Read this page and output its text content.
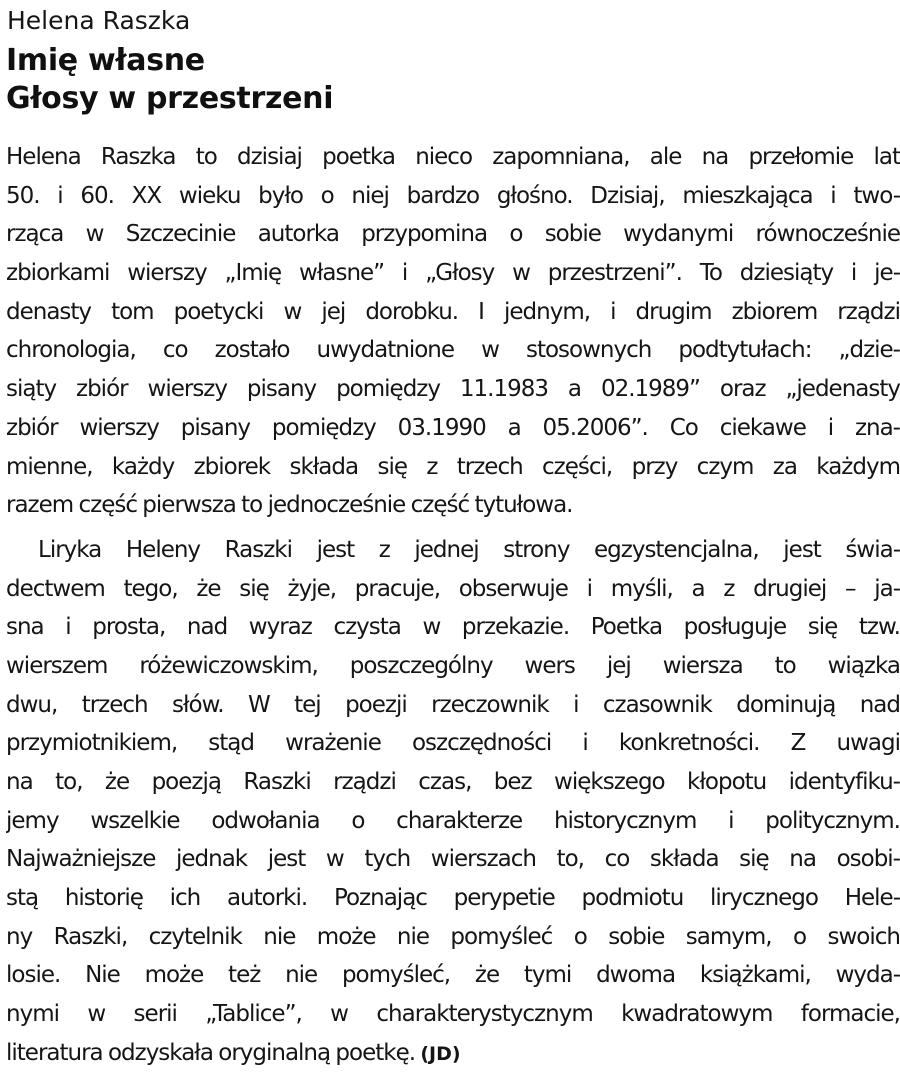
Helena Raszka
Imię własne
Głosy w przestrzeni
Helena Raszka to dzisiaj poetka nieco zapomniana, ale na przełomie lat
50. i 60. XX wieku było o niej bardzo głośno. Dzisiaj, mieszkająca i two-
rząca w Szczecinie autorka przypomina o sobie wydanymi równocześnie
zbiorkami wierszy „Imię własne” i „Głosy w przestrzeni”. To dziesiąty i je-
denasty tom poetycki w jej dorobku. I jednym, i drugim zbiorem rządzi
chronologia, co zostało uwydatnione w stosownych podtytułach: „dzie-
siąty zbiór wierszy pisany pomiędzy 11.1983 a 02.1989” oraz „jedenasty
zbiór wierszy pisany pomiędzy 03.1990 a 05.2006”. Co ciekawe i zna-
mienne, każdy zbiorek składa się z trzech części, przy czym za każdym
razem część pierwsza to jednocześnie część tytułowa.
Liryka Heleny Raszki jest z jednej strony egzystencjalna, jest świa-
dectwem tego, że się żyje, pracuje, obserwuje i myśli, a z drugiej – ja-
sna i prosta, nad wyraz czysta w przekazie. Poetka posługuje się tzw.
wierszem różewiczowskim, poszczególny wers jej wiersza to wiązka
dwu, trzech słów. W tej poezji rzeczownik i czasownik dominują nad
przymiotnikiem, stąd wrażenie oszczędności i konkretności. Z uwagi
na to, że poezją Raszki rządzi czas, bez większego kłopotu identyfiku-
jemy wszelkie odwołania o charakterze historycznym i politycznym.
Najważniejsze jednak jest w tych wierszach to, co składa się na osobi-
stą historię ich autorki. Poznając perypetie podmiotu lirycznego Hele-
ny Raszki, czytelnik nie może nie pomyśleć o sobie samym, o swoich
losie. Nie może też nie pomyśleć, że tymi dwoma książkami, wyda-
nymi w serii „Tablice”, w charakterystycznym kwadratowym formacie,
literatura odzyskała oryginalną poetkę. (JD)
